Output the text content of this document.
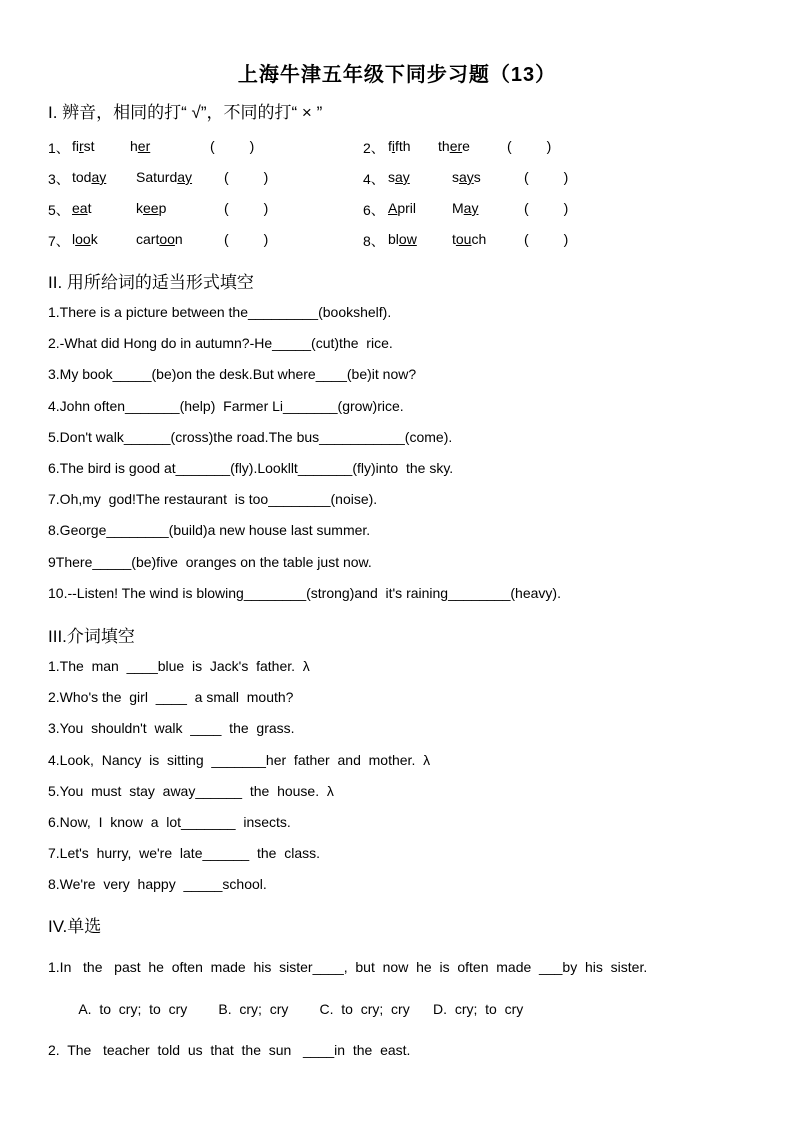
上海牛津五年级下同步习题（13）
I. 辨音，相同的打“ √”，不同的打“ × ”
1、 first	her	(         )	2、 fifth there	(         )
3、 today Saturday (         )	4、 say	says	(         )
5、 eat	keep	(         )	6、 April	May	(         )
7、 look	cartoon	(         )	8、 blow	touch	(         )
II. 用所给词的适当形式填空
1.There is a picture between the_________(bookshelf).
2.-What did Hong do in autumn?-He_____(cut)the  rice.
3.My book_____(be)on the desk.But where____(be)it now?
4.John often_______(help)  Farmer Li_______(grow)rice.
5.Don't walk______(cross)the road.The bus___________(come).
6.The bird is good at_______(fly).Lookllt_______(fly)into  the sky.
7.Oh,my  god!The restaurant  is too________(noise).
8.George________(build)a new house last summer.
9There_____(be)five  oranges on the table just now.
10.--Listen! The wind is blowing________(strong)and  it's raining________(heavy).
III.介词填空
1.The  man  ____blue  is  Jack's  father.  λ
2.Who's the  girl  ____  a small  mouth?
3.You  shouldn't  walk  ____  the  grass.
4.Look,  Nancy  is  sitting  _______her  father  and  mother.  λ
5.You  must  stay  away______  the  house.  λ
6.Now,  I  know  a  lot_______  insects.
7.Let's  hurry,  we're  late______  the  class.
8.We're  very  happy  _____school.
IV.单选
1.In   the   past  he  often  made  his  sister____,  but  now  he  is  often  made  ___by  his  sister.
A.  to  cry;  to  cry        B.  cry;  cry        C.  to  cry;  cry      D.  cry;  to  cry
2.  The   teacher  told  us  that  the  sun   ____in  the  east.
